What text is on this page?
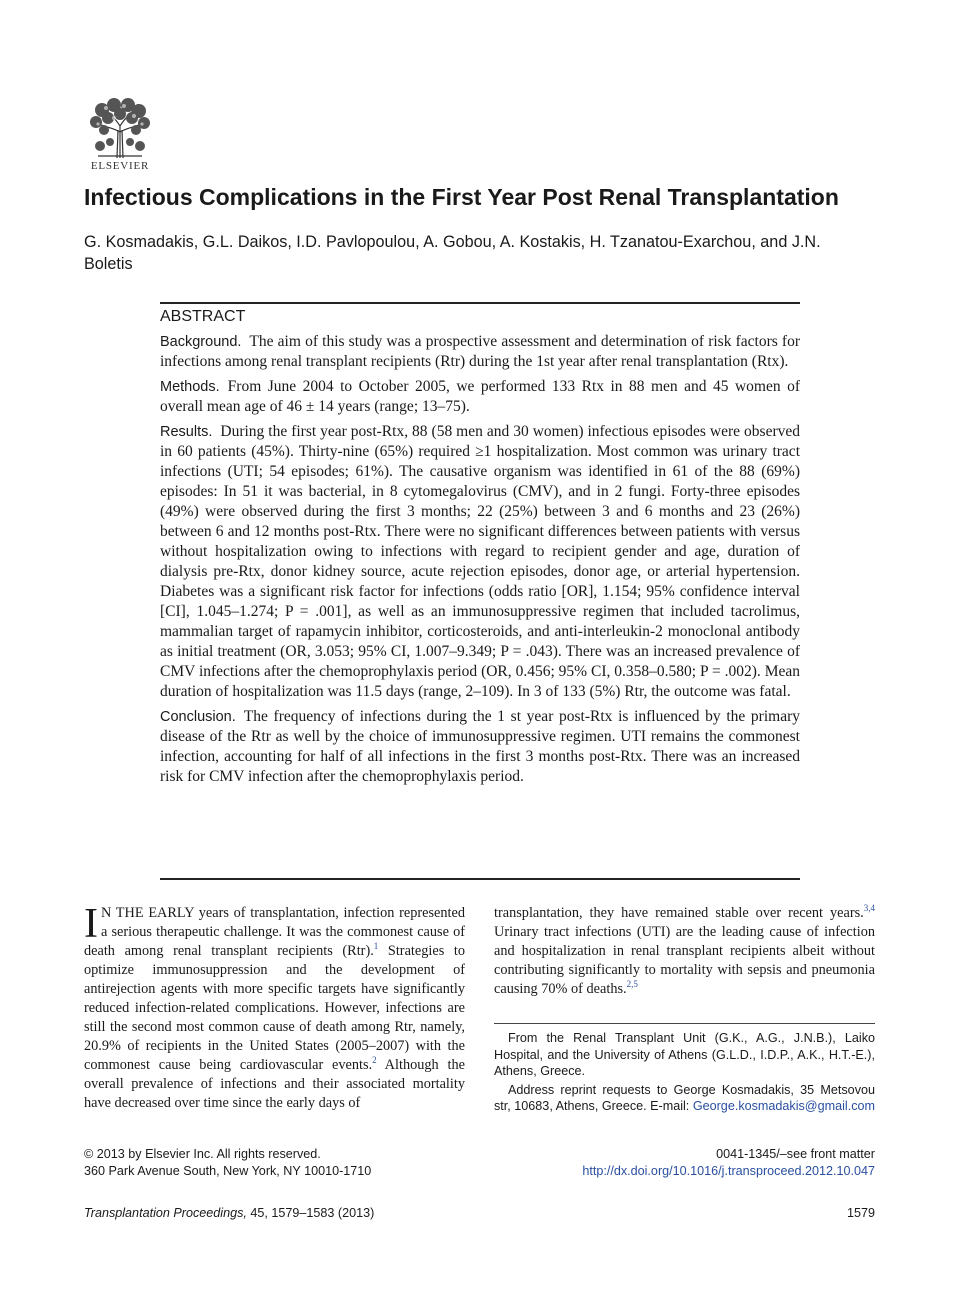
ELSEVIER
Infectious Complications in the First Year Post Renal Transplantation
G. Kosmadakis, G.L. Daikos, I.D. Pavlopoulou, A. Gobou, A. Kostakis, H. Tzanatou-Exarchou, and J.N. Boletis
ABSTRACT

Background. The aim of this study was a prospective assessment and determination of risk factors for infections among renal transplant recipients (Rtr) during the 1st year after renal transplantation (Rtx).

Methods. From June 2004 to October 2005, we performed 133 Rtx in 88 men and 45 women of overall mean age of 46 ± 14 years (range; 13–75).

Results. During the first year post-Rtx, 88 (58 men and 30 women) infectious episodes were observed in 60 patients (45%). Thirty-nine (65%) required ≥1 hospitalization. Most common was urinary tract infections (UTI; 54 episodes; 61%). The causative organism was identified in 61 of the 88 (69%) episodes: In 51 it was bacterial, in 8 cytomegalovirus (CMV), and in 2 fungi. Forty-three episodes (49%) were observed during the first 3 months; 22 (25%) between 3 and 6 months and 23 (26%) between 6 and 12 months post-Rtx. There were no significant differences between patients with versus without hospitalization owing to infections with regard to recipient gender and age, duration of dialysis pre-Rtx, donor kidney source, acute rejection episodes, donor age, or arterial hypertension. Diabetes was a significant risk factor for infections (odds ratio [OR], 1.154; 95% confidence interval [CI], 1.045–1.274; P = .001], as well as an immunosuppressive regimen that included tacrolimus, mammalian target of rapamycin inhibitor, corticosteroids, and anti-interleukin-2 monoclonal antibody as initial treatment (OR, 3.053; 95% CI, 1.007–9.349; P = .043). There was an increased prevalence of CMV infections after the chemoprophylaxis period (OR, 0.456; 95% CI, 0.358–0.580; P = .002). Mean duration of hospitalization was 11.5 days (range, 2–109). In 3 of 133 (5%) Rtr, the outcome was fatal.

Conclusion. The frequency of infections during the 1 st year post-Rtx is influenced by the primary disease of the Rtr as well by the choice of immunosuppressive regimen. UTI remains the commonest infection, accounting for half of all infections in the first 3 months post-Rtx. There was an increased risk for CMV infection after the chemoprophylaxis period.

I N THE EARLY years of transplantation, infection represented a serious therapeutic challenge. It was the commonest cause of death among renal transplant recipients (Rtr).$^1$ Strategies to optimize immunosuppression and the development of antirejection agents with more specific targets have significantly reduced infection-related complications. However, infections are still the second most common cause of death among Rtr, namely, 20.9% of recipients in the United States (2005–2007) with the commonest cause being cardiovascular events.$^2$ Although the overall prevalence of infections and their associated mortality have decreased over time since the early days of

transplantation, they have remained stable over recent years.$^{3,4}$ Urinary tract infections (UTI) are the leading cause of infection and hospitalization in renal transplant recipients albeit without contributing significantly to mortality with sepsis and pneumonia causing 70% of deaths.$^{2,5}$

From the Renal Transplant Unit (G.K., A.G., J.N.B.), Laiko Hospital, and the University of Athens (G.L.D., I.D.P., A.K., H.T.-E.), Athens, Greece.

Address reprint requests to George Kosmadakis, 35 Metsovou str, 10683, Athens, Greece. E-mail: George.kosmadakis@gmail.com

© 2013 by Elsevier Inc. All rights reserved.
360 Park Avenue South, New York, NY 10010-1710
0041-1345/–see front matter
http://dx.doi.org/10.1016/j.transproceed.2012.10.047
Transplantation Proceedings, 45, 1579–1583 (2013)	1579
